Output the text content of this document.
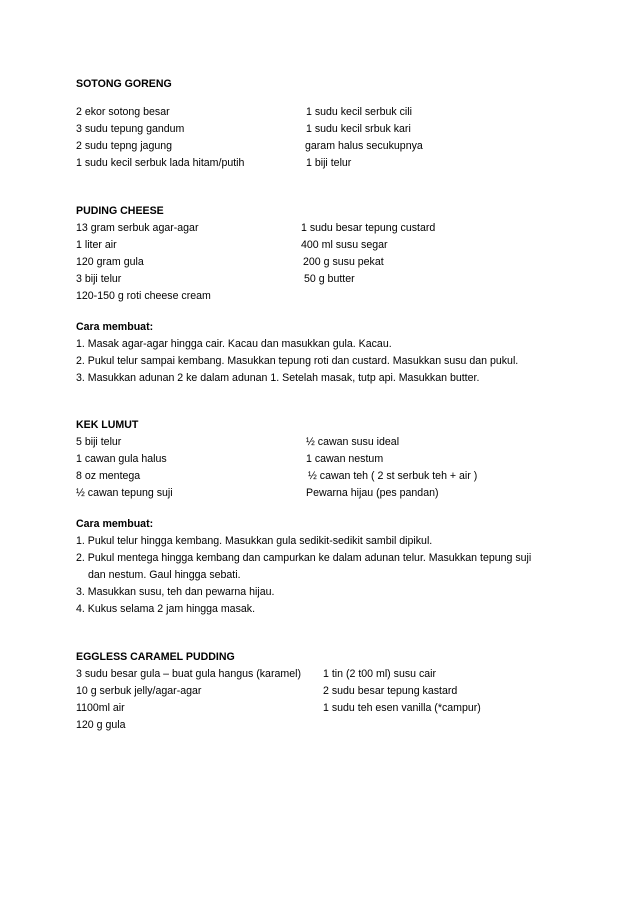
SOTONG GORENG
2 ekor sotong besar
3 sudu tepung gandum
2 sudu tepng jagung
1 sudu kecil serbuk lada hitam/putih
1 sudu kecil serbuk cili
1 sudu kecil srbuk kari
garam halus secukupnya
1 biji telur
PUDING CHEESE
13 gram serbuk agar-agar
1 liter air
120 gram gula
3 biji telur
120-150 g roti cheese cream
1 sudu besar tepung custard
400 ml susu segar
200 g susu pekat
50 g butter
Cara membuat:
1. Masak agar-agar hingga cair. Kacau dan masukkan gula. Kacau.
2. Pukul telur sampai kembang. Masukkan tepung roti dan custard. Masukkan susu dan pukul.
3. Masukkan adunan 2 ke dalam adunan 1. Setelah masak, tutp api. Masukkan butter.
KEK LUMUT
5 biji telur
1 cawan gula halus
8 oz mentega
½ cawan tepung suji
½ cawan susu ideal
1 cawan nestum
½ cawan teh ( 2 st serbuk teh + air )
Pewarna hijau (pes pandan)
Cara membuat:
1. Pukul telur hingga kembang. Masukkan gula sedikit-sedikit sambil dipikul.
2. Pukul mentega hingga kembang dan campurkan ke dalam adunan telur. Masukkan tepung suji
dan nestum. Gaul hingga sebati.
3. Masukkan susu, teh dan pewarna hijau.
4. Kukus selama 2 jam hingga masak.
EGGLESS CARAMEL PUDDING
3 sudu besar gula – buat gula hangus (karamel)
10 g serbuk jelly/agar-agar
1100ml air
120 g gula
1 tin (2 t00 ml) susu cair
2 sudu besar tepung kastard
1 sudu teh esen vanilla (*campur)
